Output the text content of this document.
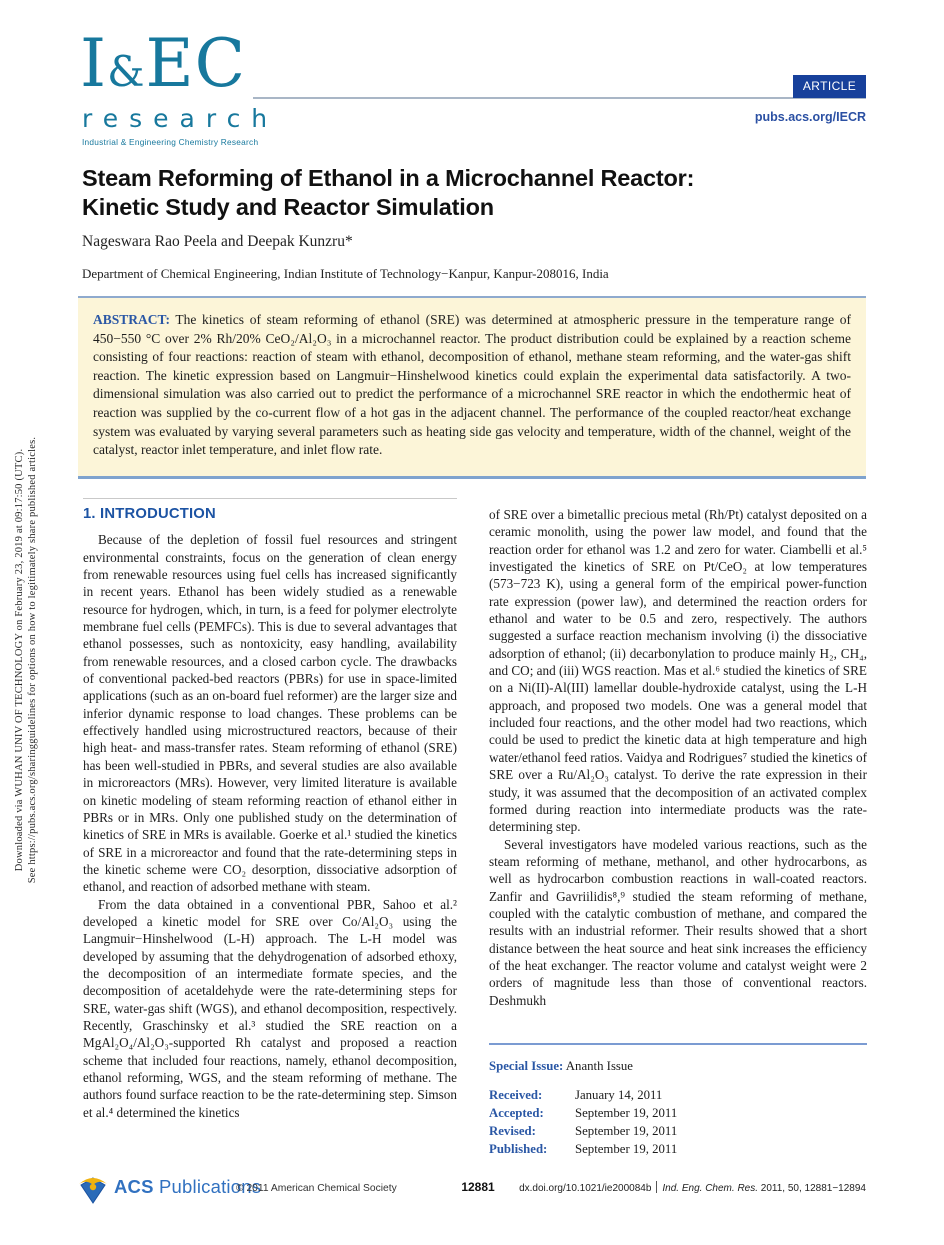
Downloaded via WUHAN UNIV OF TECHNOLOGY on February 23, 2019 at 09:17:50 (UTC). See https://pubs.acs.org/sharingguidelines for options on how to legitimately share published articles.
I&EC
research
Industrial & Engineering Chemistry Research
ARTICLE
pubs.acs.org/IECR
Steam Reforming of Ethanol in a Microchannel Reactor:
Kinetic Study and Reactor Simulation
Nageswara Rao Peela and Deepak Kunzru*
Department of Chemical Engineering, Indian Institute of Technology−Kanpur, Kanpur-208016, India

ABSTRACT: The kinetics of steam reforming of ethanol (SRE) was determined at atmospheric pressure in the temperature range of 450−550 °C over 2% Rh/20% CeO₂/Al₂O₃ in a microchannel reactor. The product distribution could be explained by a reaction scheme consisting of four reactions: reaction of steam with ethanol, decomposition of ethanol, methane steam reforming, and the water-gas shift reaction. The kinetic expression based on Langmuir−Hinshelwood kinetics could explain the experimental data satisfactorily. A two-dimensional simulation was also carried out to predict the performance of a microchannel SRE reactor in which the endothermic heat of reaction was supplied by the co-current flow of a hot gas in the adjacent channel. The performance of the coupled reactor/heat exchange system was evaluated by varying several parameters such as heating side gas velocity and temperature, width of the channel, weight of the catalyst, reactor inlet temperature, and inlet flow rate.

1. INTRODUCTION

Because of the depletion of fossil fuel resources and stringent environmental constraints, focus on the generation of clean energy from renewable resources using fuel cells has increased significantly in recent years. Ethanol has been widely studied as a renewable resource for hydrogen, which, in turn, is a feed for polymer electrolyte membrane fuel cells (PEMFCs). This is due to several advantages that ethanol possesses, such as nontoxicity, easy handling, availability from renewable resources, and a closed carbon cycle. The drawbacks of conventional packed-bed reactors (PBRs) for use in space-limited applications (such as an on-board fuel reformer) are the larger size and inferior dynamic response to load changes. These problems can be effectively handled using microstructured reactors, because of their high heat- and mass-transfer rates. Steam reforming of ethanol (SRE) has been well-studied in PBRs, and several studies are also available in microreactors (MRs). However, very limited literature is available on kinetic modeling of steam reforming reaction of ethanol either in PBRs or in MRs. Only one published study on the determination of kinetics of SRE in MRs is available. Goerke et al.¹ studied the kinetics of SRE in a microreactor and found that the rate-determining steps in the kinetic scheme were CO₂ desorption, dissociative adsorption of ethanol, and reaction of adsorbed methane with steam.

From the data obtained in a conventional PBR, Sahoo et al.² developed a kinetic model for SRE over Co/Al₂O₃ using the Langmuir−Hinshelwood (L-H) approach. The L-H model was developed by assuming that the dehydrogenation of adsorbed ethoxy, the decomposition of an intermediate formate species, and the decomposition of acetaldehyde were the rate-determining steps for SRE, water-gas shift (WGS), and ethanol decomposition, respectively. Recently, Graschinsky et al.³ studied the SRE reaction on a MgAl₂O₄/Al₂O₃-supported Rh catalyst and proposed a reaction scheme that included four reactions, namely, ethanol decomposition, ethanol reforming, WGS, and the steam reforming of methane. The authors found surface reaction to be the rate-determining step. Simson et al.⁴ determined the kinetics

of SRE over a bimetallic precious metal (Rh/Pt) catalyst deposited on a ceramic monolith, using the power law model, and found that the reaction order for ethanol was 1.2 and zero for water. Ciambelli et al.⁵ investigated the kinetics of SRE on Pt/CeO₂ at low temperatures (573−723 K), using a general form of the empirical power-function rate expression (power law), and determined the reaction orders for ethanol and water to be 0.5 and zero, respectively. The authors suggested a surface reaction mechanism involving (i) the dissociative adsorption of ethanol; (ii) decarbonylation to produce mainly H₂, CH₄, and CO; and (iii) WGS reaction. Mas et al.⁶ studied the kinetics of SRE on a Ni(II)-Al(III) lamellar double-hydroxide catalyst, using the L-H approach, and proposed two models. One was a general model that included four reactions, and the other model had two reactions, which could be used to predict the kinetic data at high temperature and high water/ethanol feed ratios. Vaidya and Rodrigues⁷ studied the kinetics of SRE over a Ru/Al₂O₃ catalyst. To derive the rate expression in their study, it was assumed that the decomposition of an activated complex formed during reaction into intermediate products was the rate-determining step.

Several investigators have modeled various reactions, such as the steam reforming of methane, methanol, and other hydrocarbons, as well as hydrocarbon combustion reactions in wall-coated reactors. Zanfir and Gavriilidis⁸,⁹ studied the steam reforming of methane, coupled with the catalytic combustion of methane, and compared the results with an industrial reformer. Their results showed that a short distance between the heat source and heat sink increases the efficiency of the heat exchanger. The reactor volume and catalyst weight were 2 orders of magnitude less than those of conventional reactors. Deshmukh

Special Issue: Ananth Issue
Received:	January 14, 2011
Accepted:	September 19, 2011
Revised:	September 19, 2011
Published:	September 19, 2011
ACS Publications
© 2011 American Chemical Society	12881	dx.doi.org/10.1021/ie200084b Ind. Eng. Chem. Res. 2011, 50, 12881−12894
